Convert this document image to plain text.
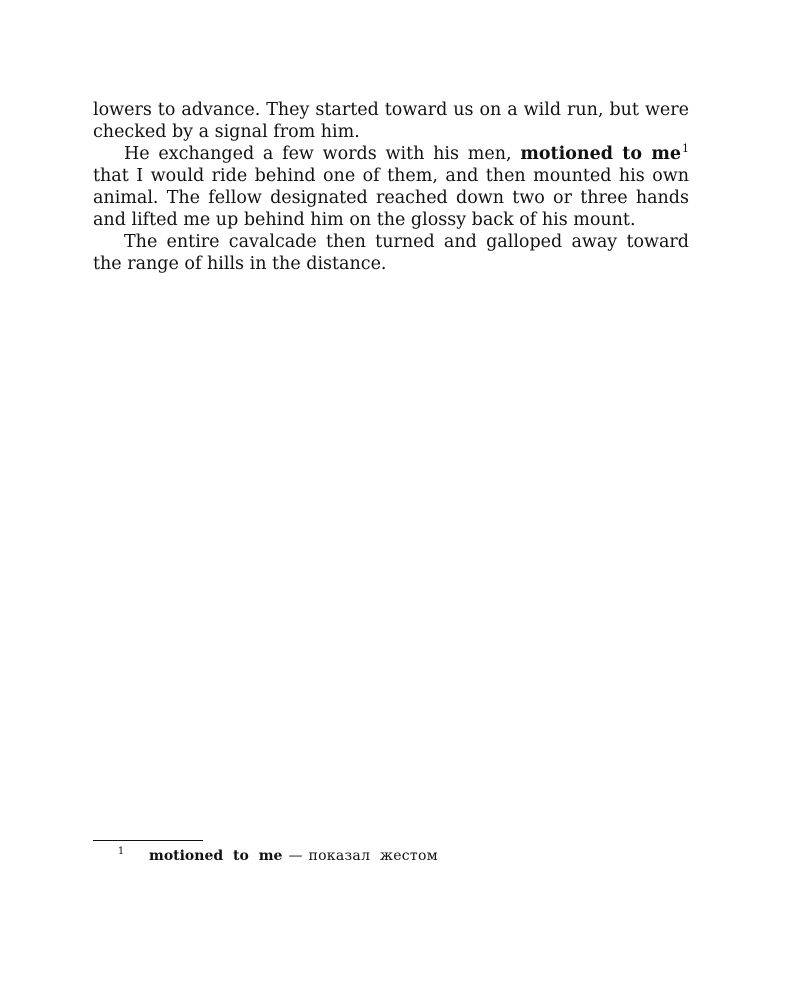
lowers to advance. They started toward us on a wild run, but were checked by a signal from him.

He exchanged a few words with his men, motioned to me$^1$ that I would ride behind one of them, and then mounted his own animal. The fellow designated reached down two or three hands and lifted me up behind him on the glossy back of his mount.

The entire cavalcade then turned and galloped away toward the range of hills in the distance.

1 motioned to me — показал жестом
